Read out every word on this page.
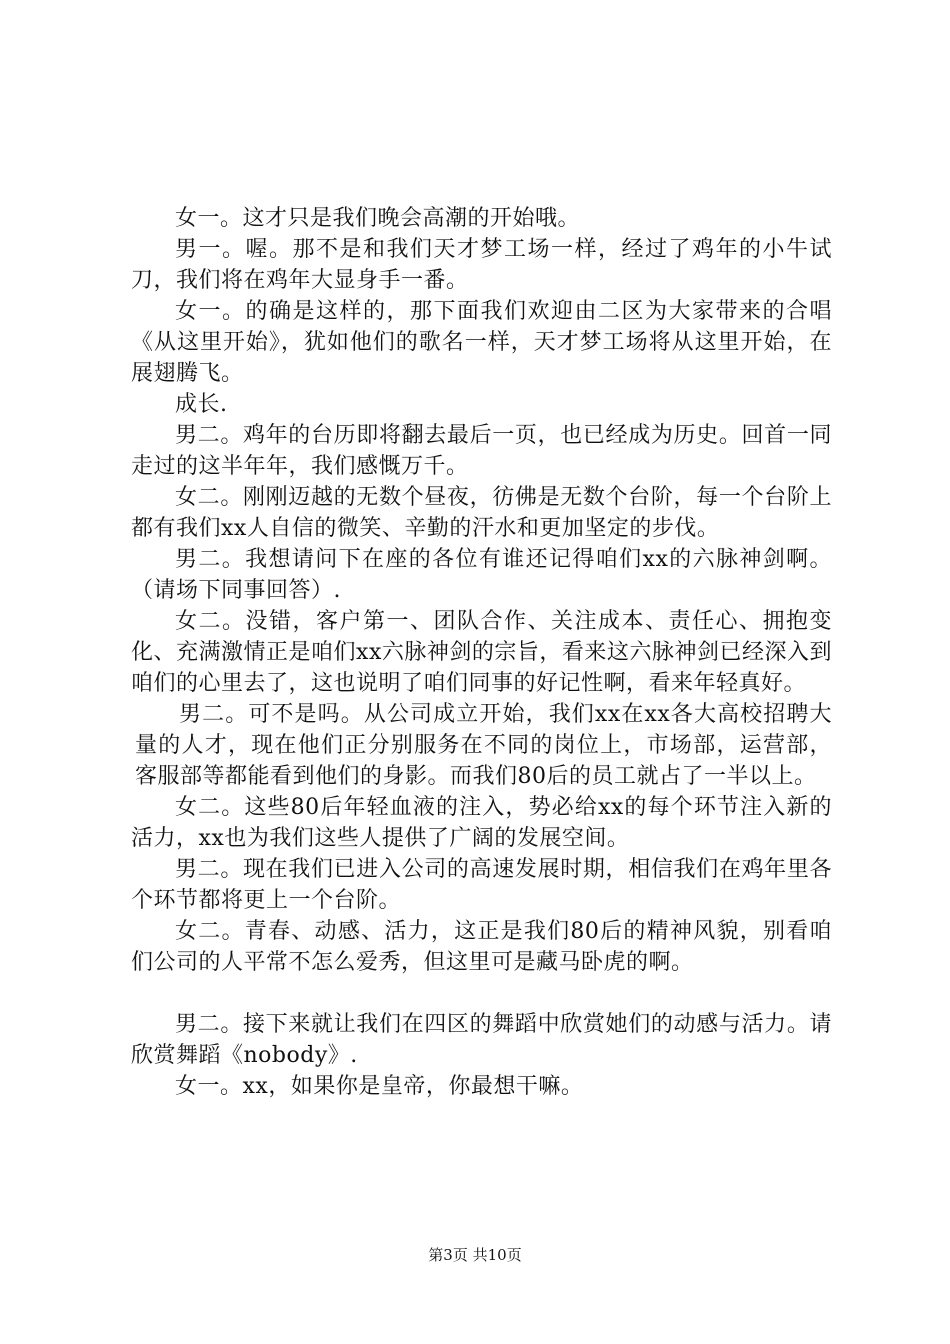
女一。这才只是我们晚会高潮的开始哦。

男一。喔。那不是和我们天才梦工场一样，经过了鸡年的小牛试刀，我们将在鸡年大显身手一番。

女一。的确是这样的，那下面我们欢迎由二区为大家带来的合唱《从这里开始》，犹如他们的歌名一样，天才梦工场将从这里开始，在展翅腾飞。

成长.

男二。鸡年的台历即将翻去最后一页，也已经成为历史。回首一同走过的这半年年，我们感慨万千。

女二。刚刚迈越的无数个昼夜，彷佛是无数个台阶，每一个台阶上都有我们xx人自信的微笑、辛勤的汗水和更加坚定的步伐。

男二。我想请问下在座的各位有谁还记得咱们xx的六脉神剑啊。（请场下同事回答）.

女二。没错，客户第一、团队合作、关注成本、责任心、拥抱变化、充满激情正是咱们xx六脉神剑的宗旨，看来这六脉神剑已经深入到咱们的心里去了，这也说明了咱们同事的好记性啊，看来年轻真好。

男二。可不是吗。从公司成立开始，我们xx在xx各大高校招聘大量的人才，现在他们正分别服务在不同的岗位上，市场部，运营部，客服部等都能看到他们的身影。而我们80后的员工就占了一半以上。

女二。这些80后年轻血液的注入，势必给xx的每个环节注入新的活力，xx也为我们这些人提供了广阔的发展空间。

男二。现在我们已进入公司的高速发展时期，相信我们在鸡年里各个环节都将更上一个台阶。

女二。青春、动感、活力，这正是我们80后的精神风貌，别看咱们公司的人平常不怎么爱秀，但这里可是藏马卧虎的啊。

男二。接下来就让我们在四区的舞蹈中欣赏她们的动感与活力。请欣赏舞蹈《nobody》.

女一。xx，如果你是皇帝，你最想干嘛。

第3页 共10页
